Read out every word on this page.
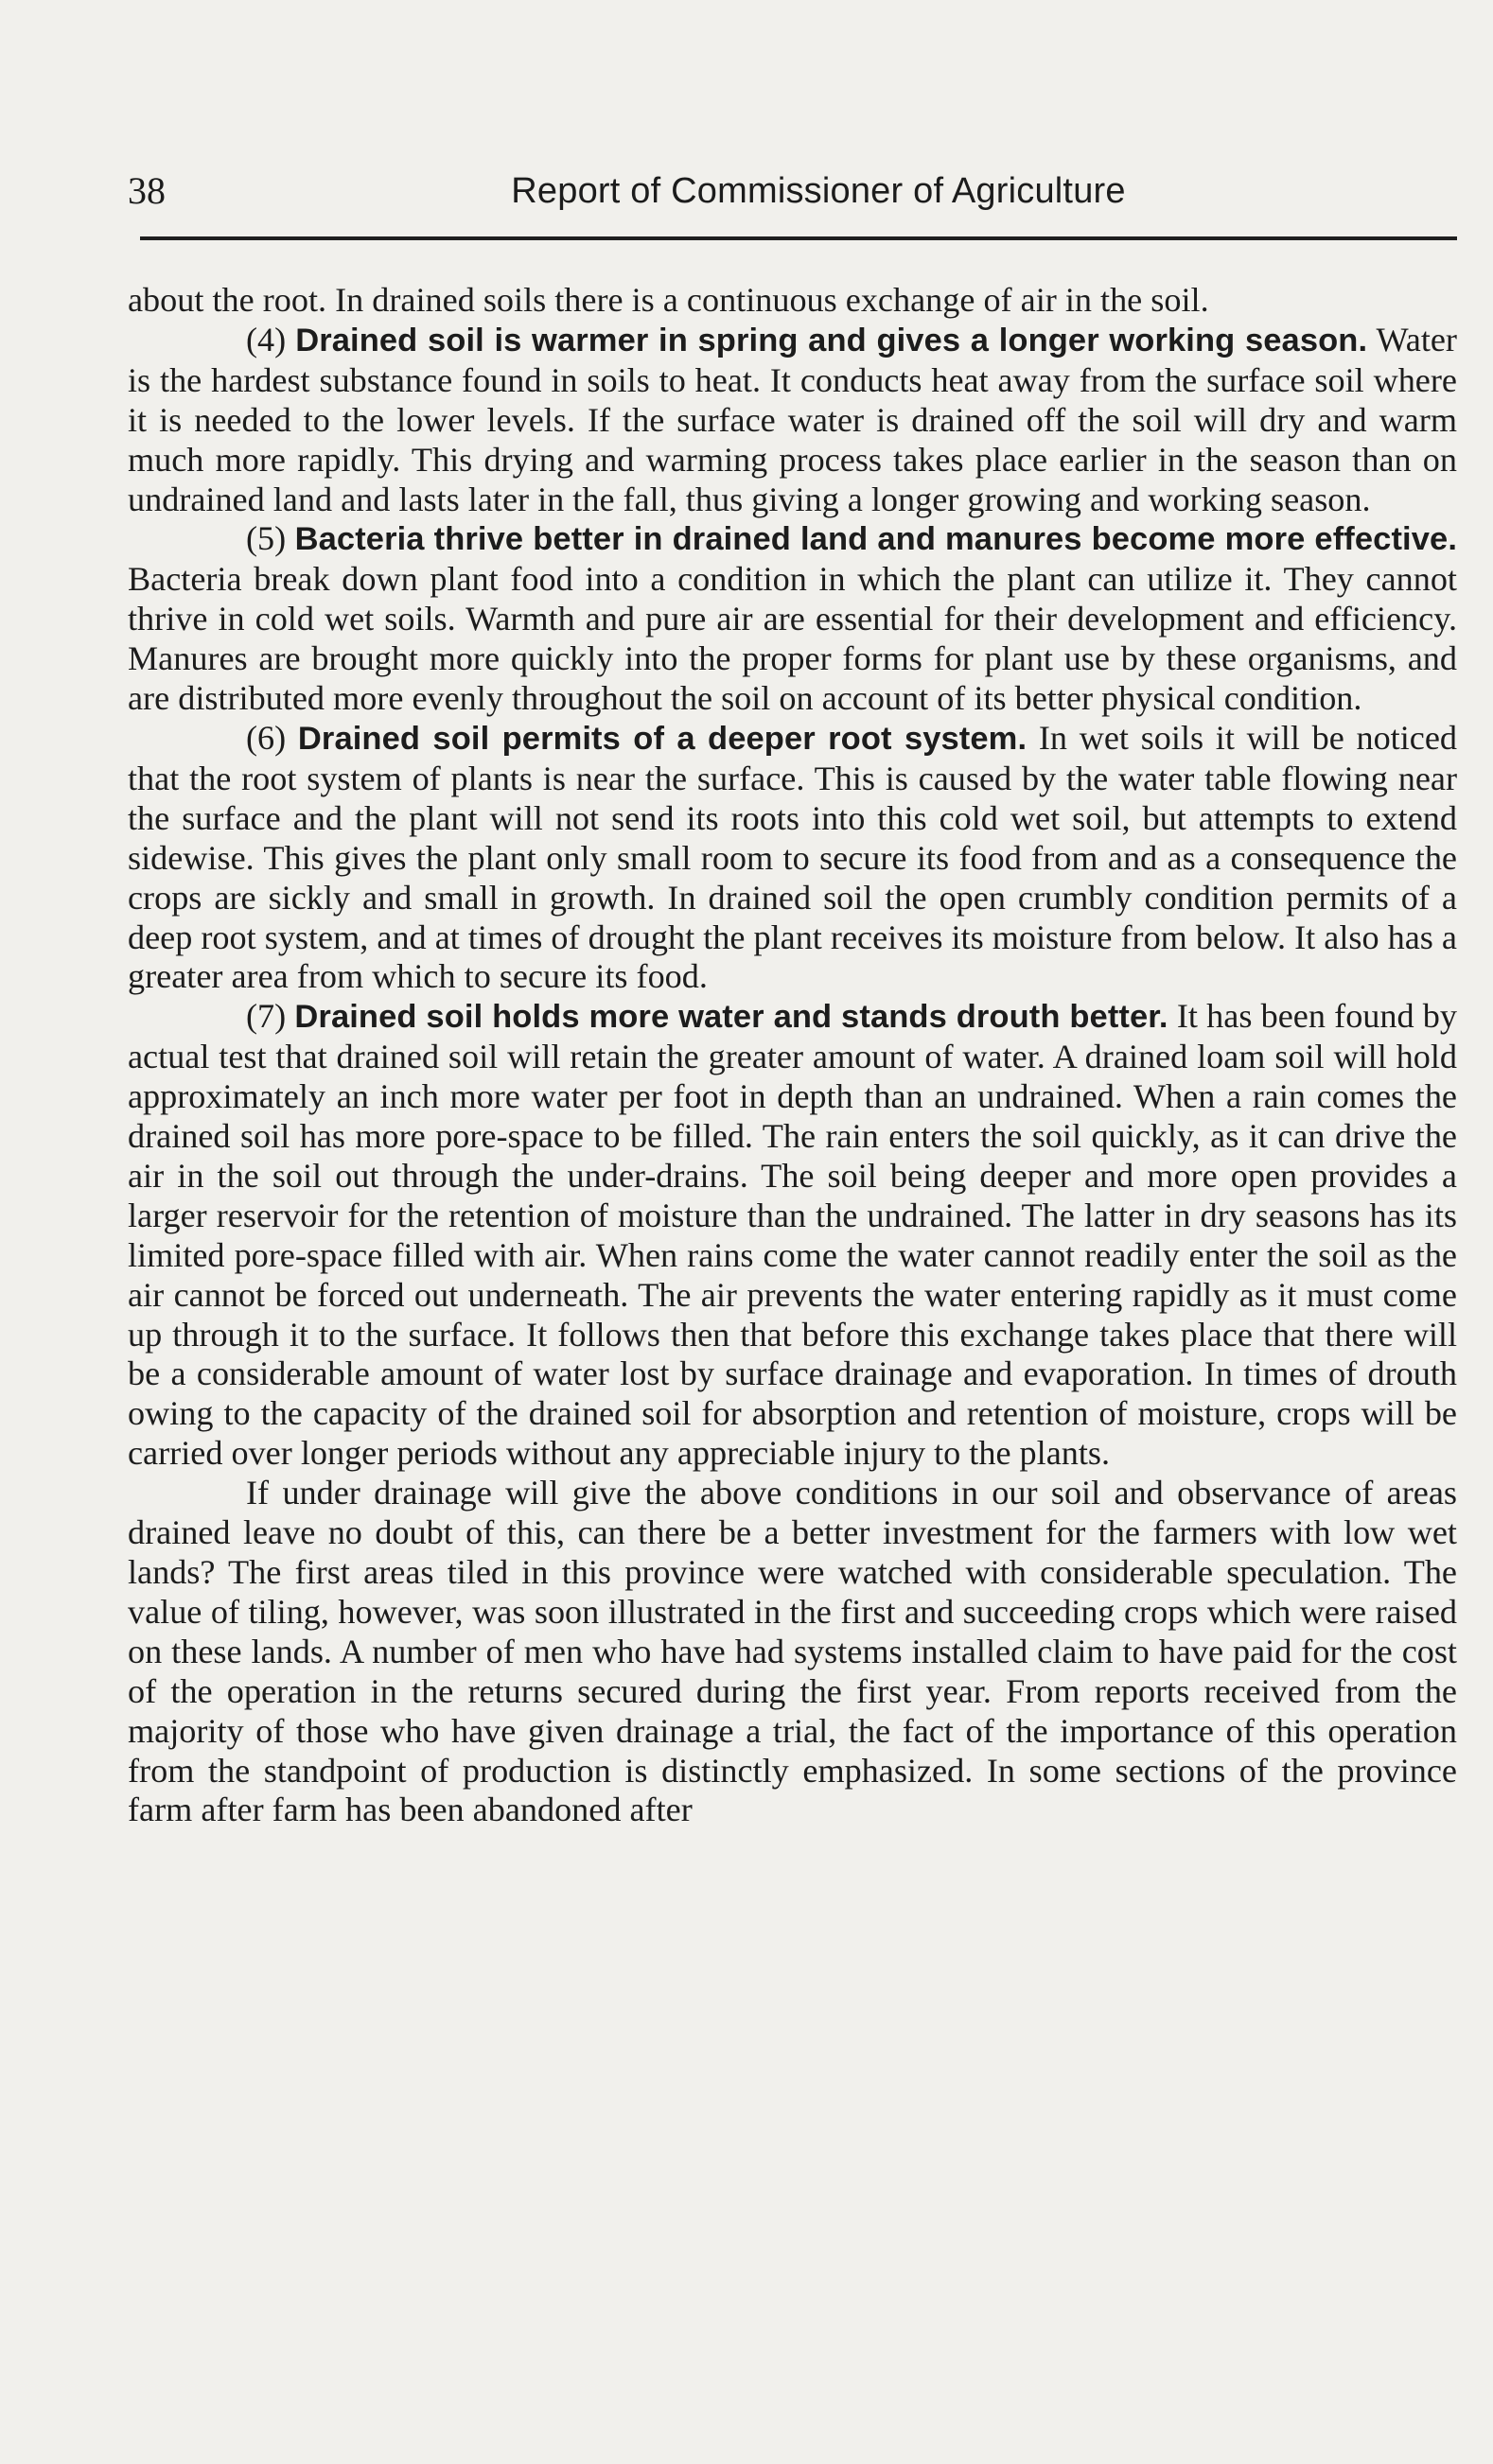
38	Report of Commissioner of Agriculture

about the root. In drained soils there is a continuous exchange of air in the soil.

(4) Drained soil is warmer in spring and gives a longer working season. Water is the hardest substance found in soils to heat. It conducts heat away from the surface soil where it is needed to the lower levels. If the surface water is drained off the soil will dry and warm much more rapidly. This drying and warming process takes place earlier in the season than on undrained land and lasts later in the fall, thus giving a longer growing and working season.

(5) Bacteria thrive better in drained land and manures become more effective. Bacteria break down plant food into a condition in which the plant can utilize it. They cannot thrive in cold wet soils. Warmth and pure air are essential for their development and efficiency. Manures are brought more quickly into the proper forms for plant use by these organisms, and are distributed more evenly throughout the soil on account of its better physical condition.

(6) Drained soil permits of a deeper root system. In wet soils it will be noticed that the root system of plants is near the surface. This is caused by the water table flowing near the surface and the plant will not send its roots into this cold wet soil, but attempts to extend sidewise. This gives the plant only small room to secure its food from and as a consequence the crops are sickly and small in growth. In drained soil the open crumbly condition permits of a deep root system, and at times of drought the plant receives its moisture from below. It also has a greater area from which to secure its food.

(7) Drained soil holds more water and stands drouth better. It has been found by actual test that drained soil will retain the greater amount of water. A drained loam soil will hold approximately an inch more water per foot in depth than an undrained. When a rain comes the drained soil has more pore-space to be filled. The rain enters the soil quickly, as it can drive the air in the soil out through the under-drains. The soil being deeper and more open provides a larger reservoir for the retention of moisture than the undrained. The latter in dry seasons has its limited pore-space filled with air. When rains come the water cannot readily enter the soil as the air cannot be forced out underneath. The air prevents the water entering rapidly as it must come up through it to the surface. It follows then that before this exchange takes place that there will be a considerable amount of water lost by surface drainage and evaporation. In times of drouth owing to the capacity of the drained soil for absorption and retention of moisture, crops will be carried over longer periods without any appreciable injury to the plants.

If under drainage will give the above conditions in our soil and observance of areas drained leave no doubt of this, can there be a better investment for the farmers with low wet lands? The first areas tiled in this province were watched with considerable speculation. The value of tiling, however, was soon illustrated in the first and succeeding crops which were raised on these lands. A number of men who have had systems installed claim to have paid for the cost of the operation in the returns secured during the first year. From reports received from the majority of those who have given drainage a trial, the fact of the importance of this operation from the standpoint of production is distinctly emphasized. In some sections of the province farm after farm has been abandoned after
